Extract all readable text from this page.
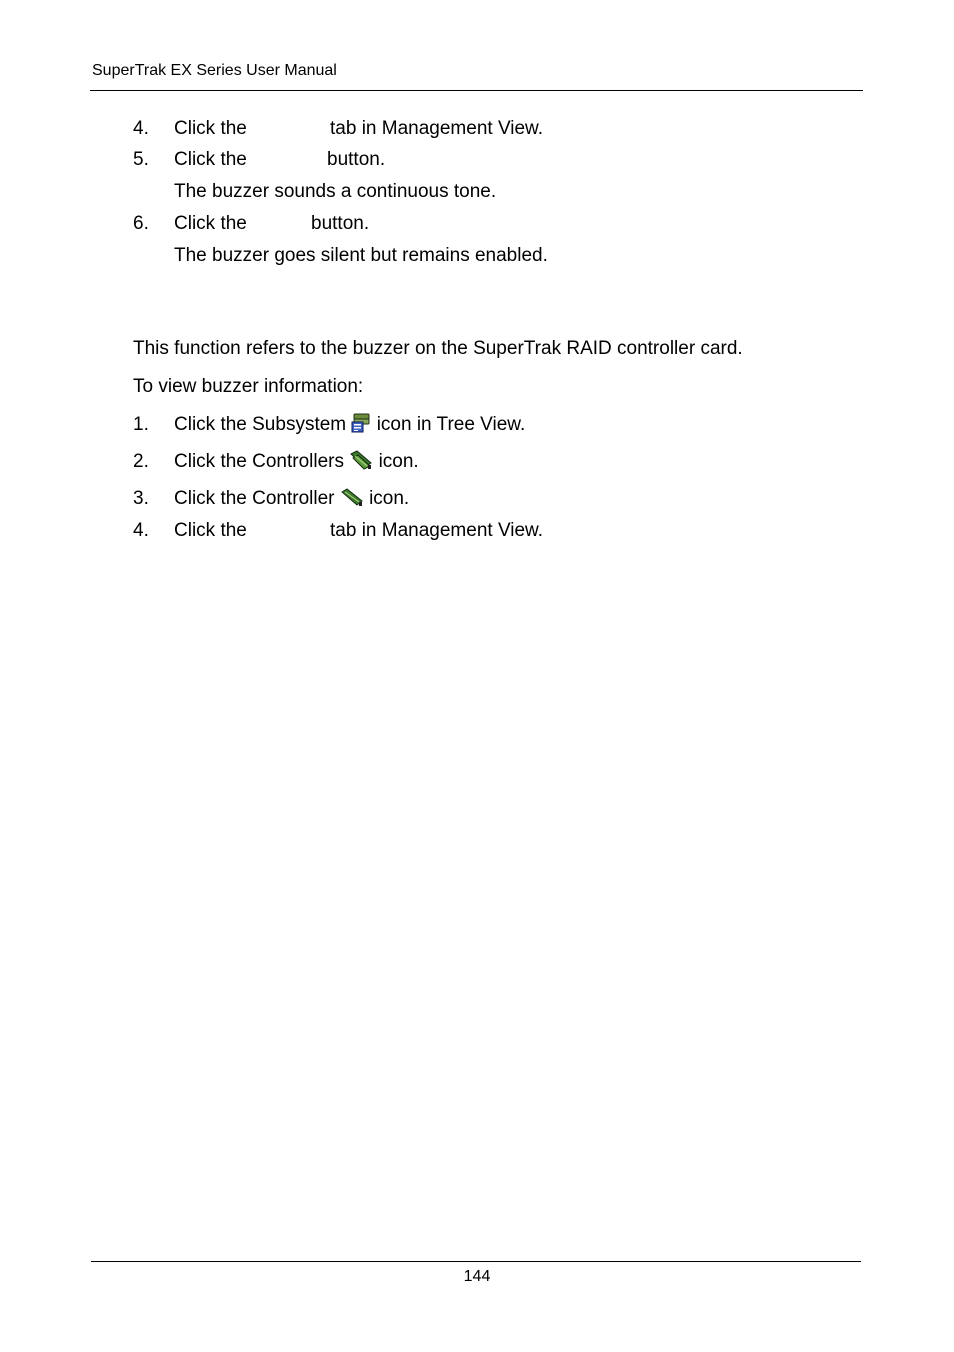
SuperTrak EX Series User Manual
4. Click the	tab in Management View.
5. Click the	button.
The buzzer sounds a continuous tone.
6. Click the	button.
The buzzer goes silent but remains enabled.
This function refers to the buzzer on the SuperTrak RAID controller card.
To view buzzer information:
1. Click the Subsystem icon in Tree View.
2. Click the Controllers icon.
3. Click the Controller icon.
4. Click the	tab in Management View.
144
